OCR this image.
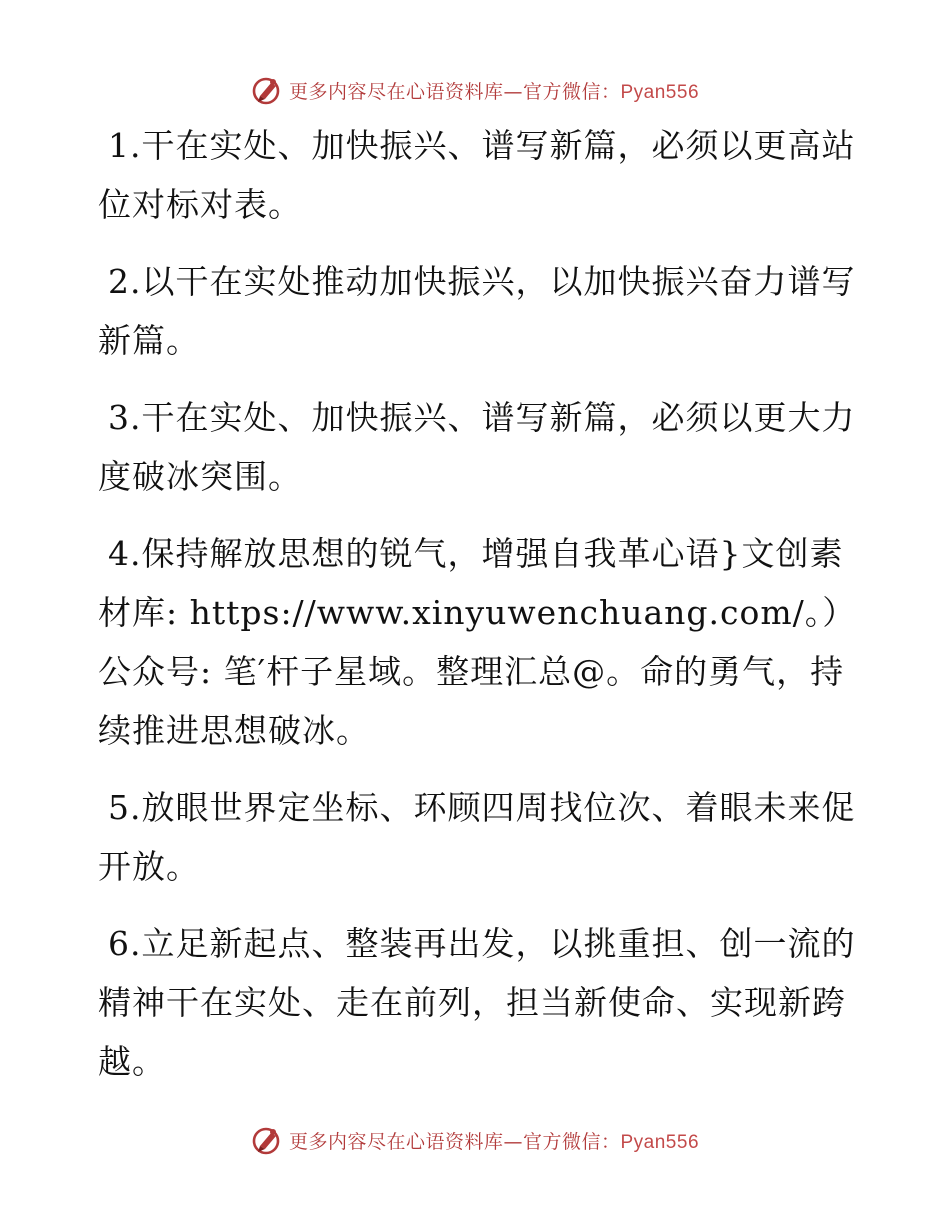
更多内容尽在心语资料库—官方微信：Pyan556

1.干在实处、加快振兴、谱写新篇，必须以更高站位对标对表。

2.以干在实处推动加快振兴，以加快振兴奋力谱写新篇。

3.干在实处、加快振兴、谱写新篇，必须以更大力度破冰突围。

4.保持解放思想的锐气，增强自我革心语}文创素材库: https://www.xinyuwenchuang.com/。）公众号: 笔′杆子星域。整理汇总@。命的勇气，持续推进思想破冰。

5.放眼世界定坐标、环顾四周找位次、着眼未来促开放。

6.立足新起点、整装再出发，以挑重担、创一流的精神干在实处、走在前列，担当新使命、实现新跨越。

更多内容尽在心语资料库—官方微信：Pyan556
